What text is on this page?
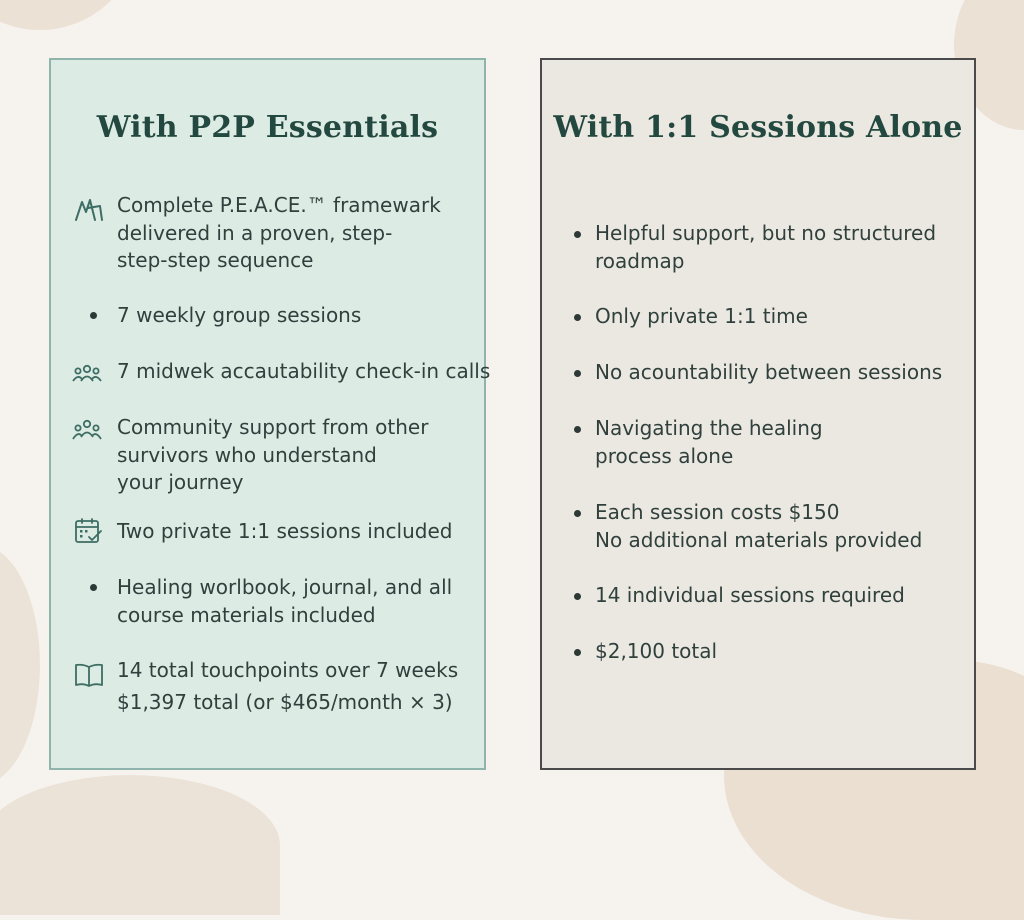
With P2P Essentials
Complete P.E.A.CE.™ framewark
delivered in a proven, step-
step-step sequence
7 weekly group sessions
7 midwek accautability check-in calls
Community support from other
survivors who understand
your journey
Two private 1:1 sessions included
Healing worlbook, journal, and all
course materials included
14 total touchpoints over 7 weeks
$1,397 total (or $465/month × 3)
With 1:1 Sessions Alone
Helpful support, but no structured
roadmap
Only private 1:1 time
No acountability between sessions
Navigating the healing
process alone
Each session costs $150
No additional materials provided
14 individual sessions required
$2,100 total
